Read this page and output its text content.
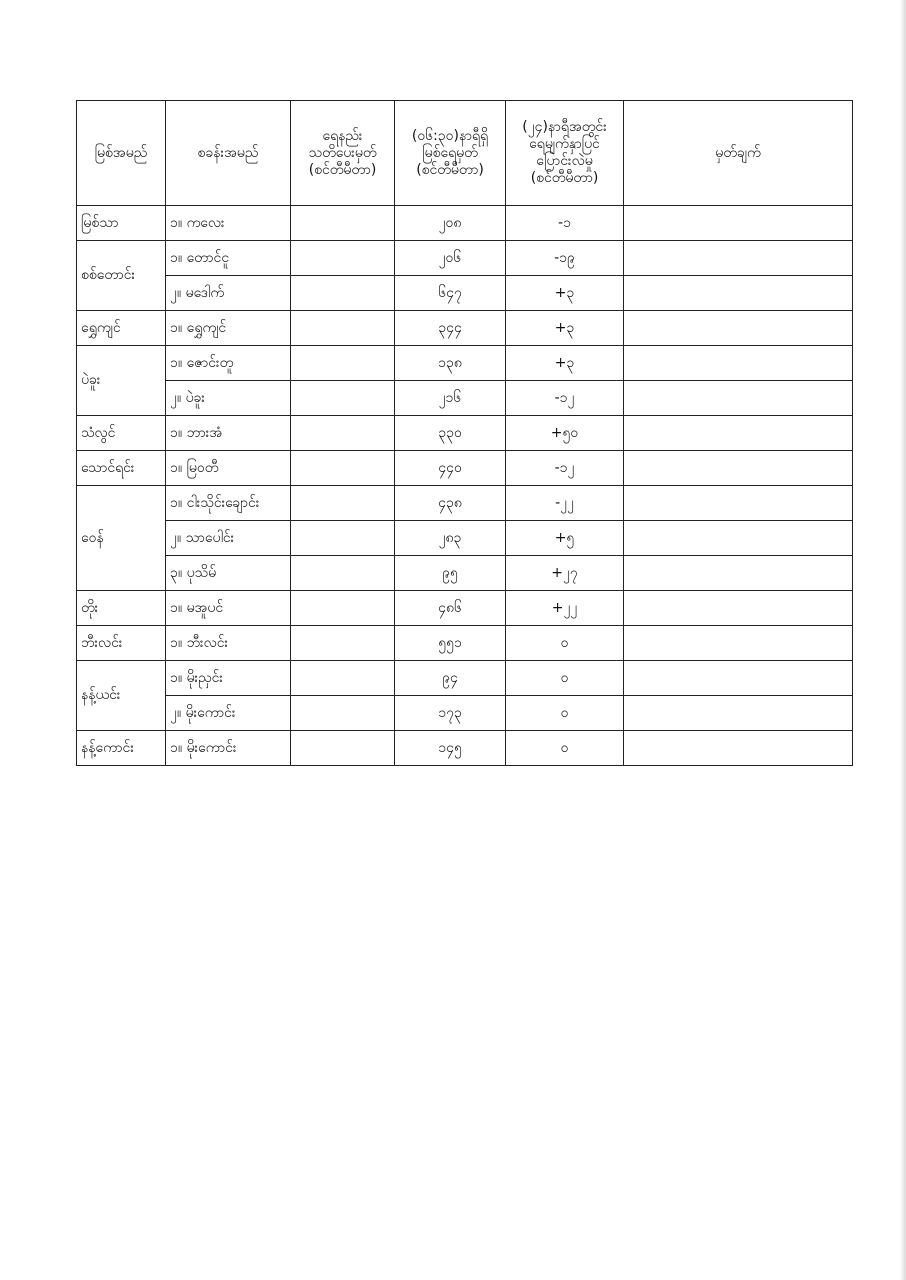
မြစ်အမည်	စခန်းအမည်	ရေနည်း
သတိပေးမှတ်
(စင်တီမီတာ)	(၀၆:၃၀)နာရီရှိ
မြစ်ရေမှတ်
(စင်တီမီတာ)	(၂၄)နာရီအတွင်း
ရေမျက်နှာပြင်
ပြောင်းလဲမှု
(စင်တီမီတာ)	မှတ်ချက်
မြစ်သာ	၁။ ကလေး		၂၀၈	-၁	
စစ်တောင်း	၁။ တောင်ငူ		၂၀၆	-၁၉	
	၂။ မဒေါက်		၆၄၇	+၃	
ရွှေကျင်	၁။ ရွှေကျင်		၃၄၄	+၃	
ပဲခူး	၁။ ဇောင်းတူ		၁၃၈	+၃	
	၂။ ပဲခူး		၂၁၆	-၁၂	
သံလွင်	၁။ ဘားအံ		၃၃၀	+၅၀	
သောင်ရင်း	၁။ မြဝတီ		၄၄၀	-၁၂	
ဝေန်	၁။ ငါးသိုင်းချောင်း		၄၃၈	-၂၂	
	၂။ သာပေါင်း		၂၈၃	+၅	
	၃။ ပုသိမ်		၉၅	+၂၇	
တိုး	၁။ မအူပင်		၄၈၆	+၂၂	
ဘီးလင်း	၁။ ဘီးလင်း		၅၅၁	၀	
နန့်ယင်း	၁။ မိုးညှင်း		၉၄	၀	
	၂။ မိုးကောင်း		၁၇၃	၀	
နန့်ကောင်း	၁။ မိုးကောင်း		၁၄၅	၀	
